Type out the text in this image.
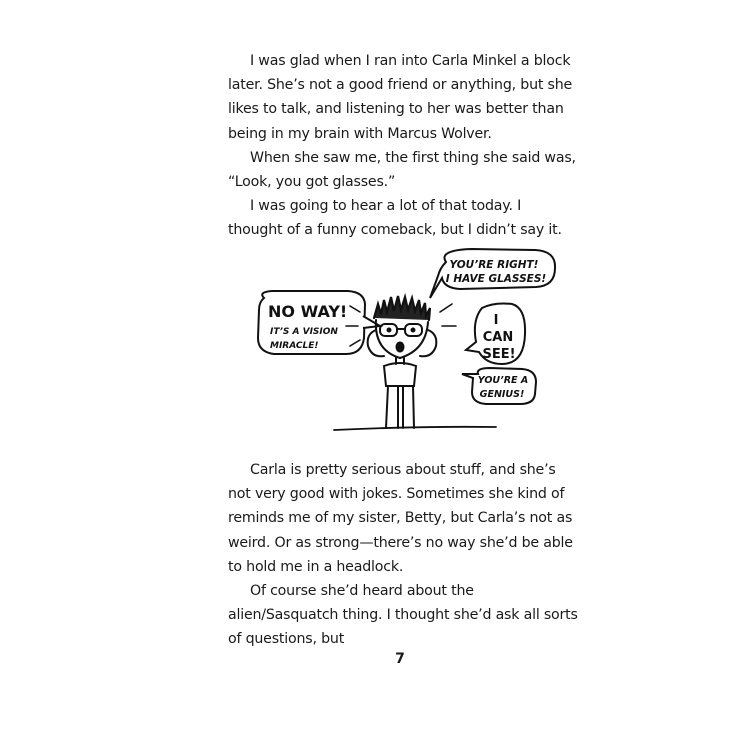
I was glad when I ran into Carla Minkel a block later. She’s not a good friend or anything, but she likes to talk, and listening to her was better than being in my brain with Marcus Wolver.

When she saw me, the first thing she said was, “Look, you got glasses.”

I was going to hear a lot of that today. I thought of a funny comeback, but I didn’t say it.

YOU’RE RIGHT!
I HAVE GLASSES!
NO WAY!
IT’S A VISION
MIRACLE!
I
CAN
SEE!
YOU’RE A
GENIUS!

Carla is pretty serious about stuff, and she’s not very good with jokes. Sometimes she kind of reminds me of my sister, Betty, but Carla’s not as weird. Or as strong—there’s no way she’d be able to hold me in a headlock.

Of course she’d heard about the alien/Sasquatch thing. I thought she’d ask all sorts of questions, but

7
